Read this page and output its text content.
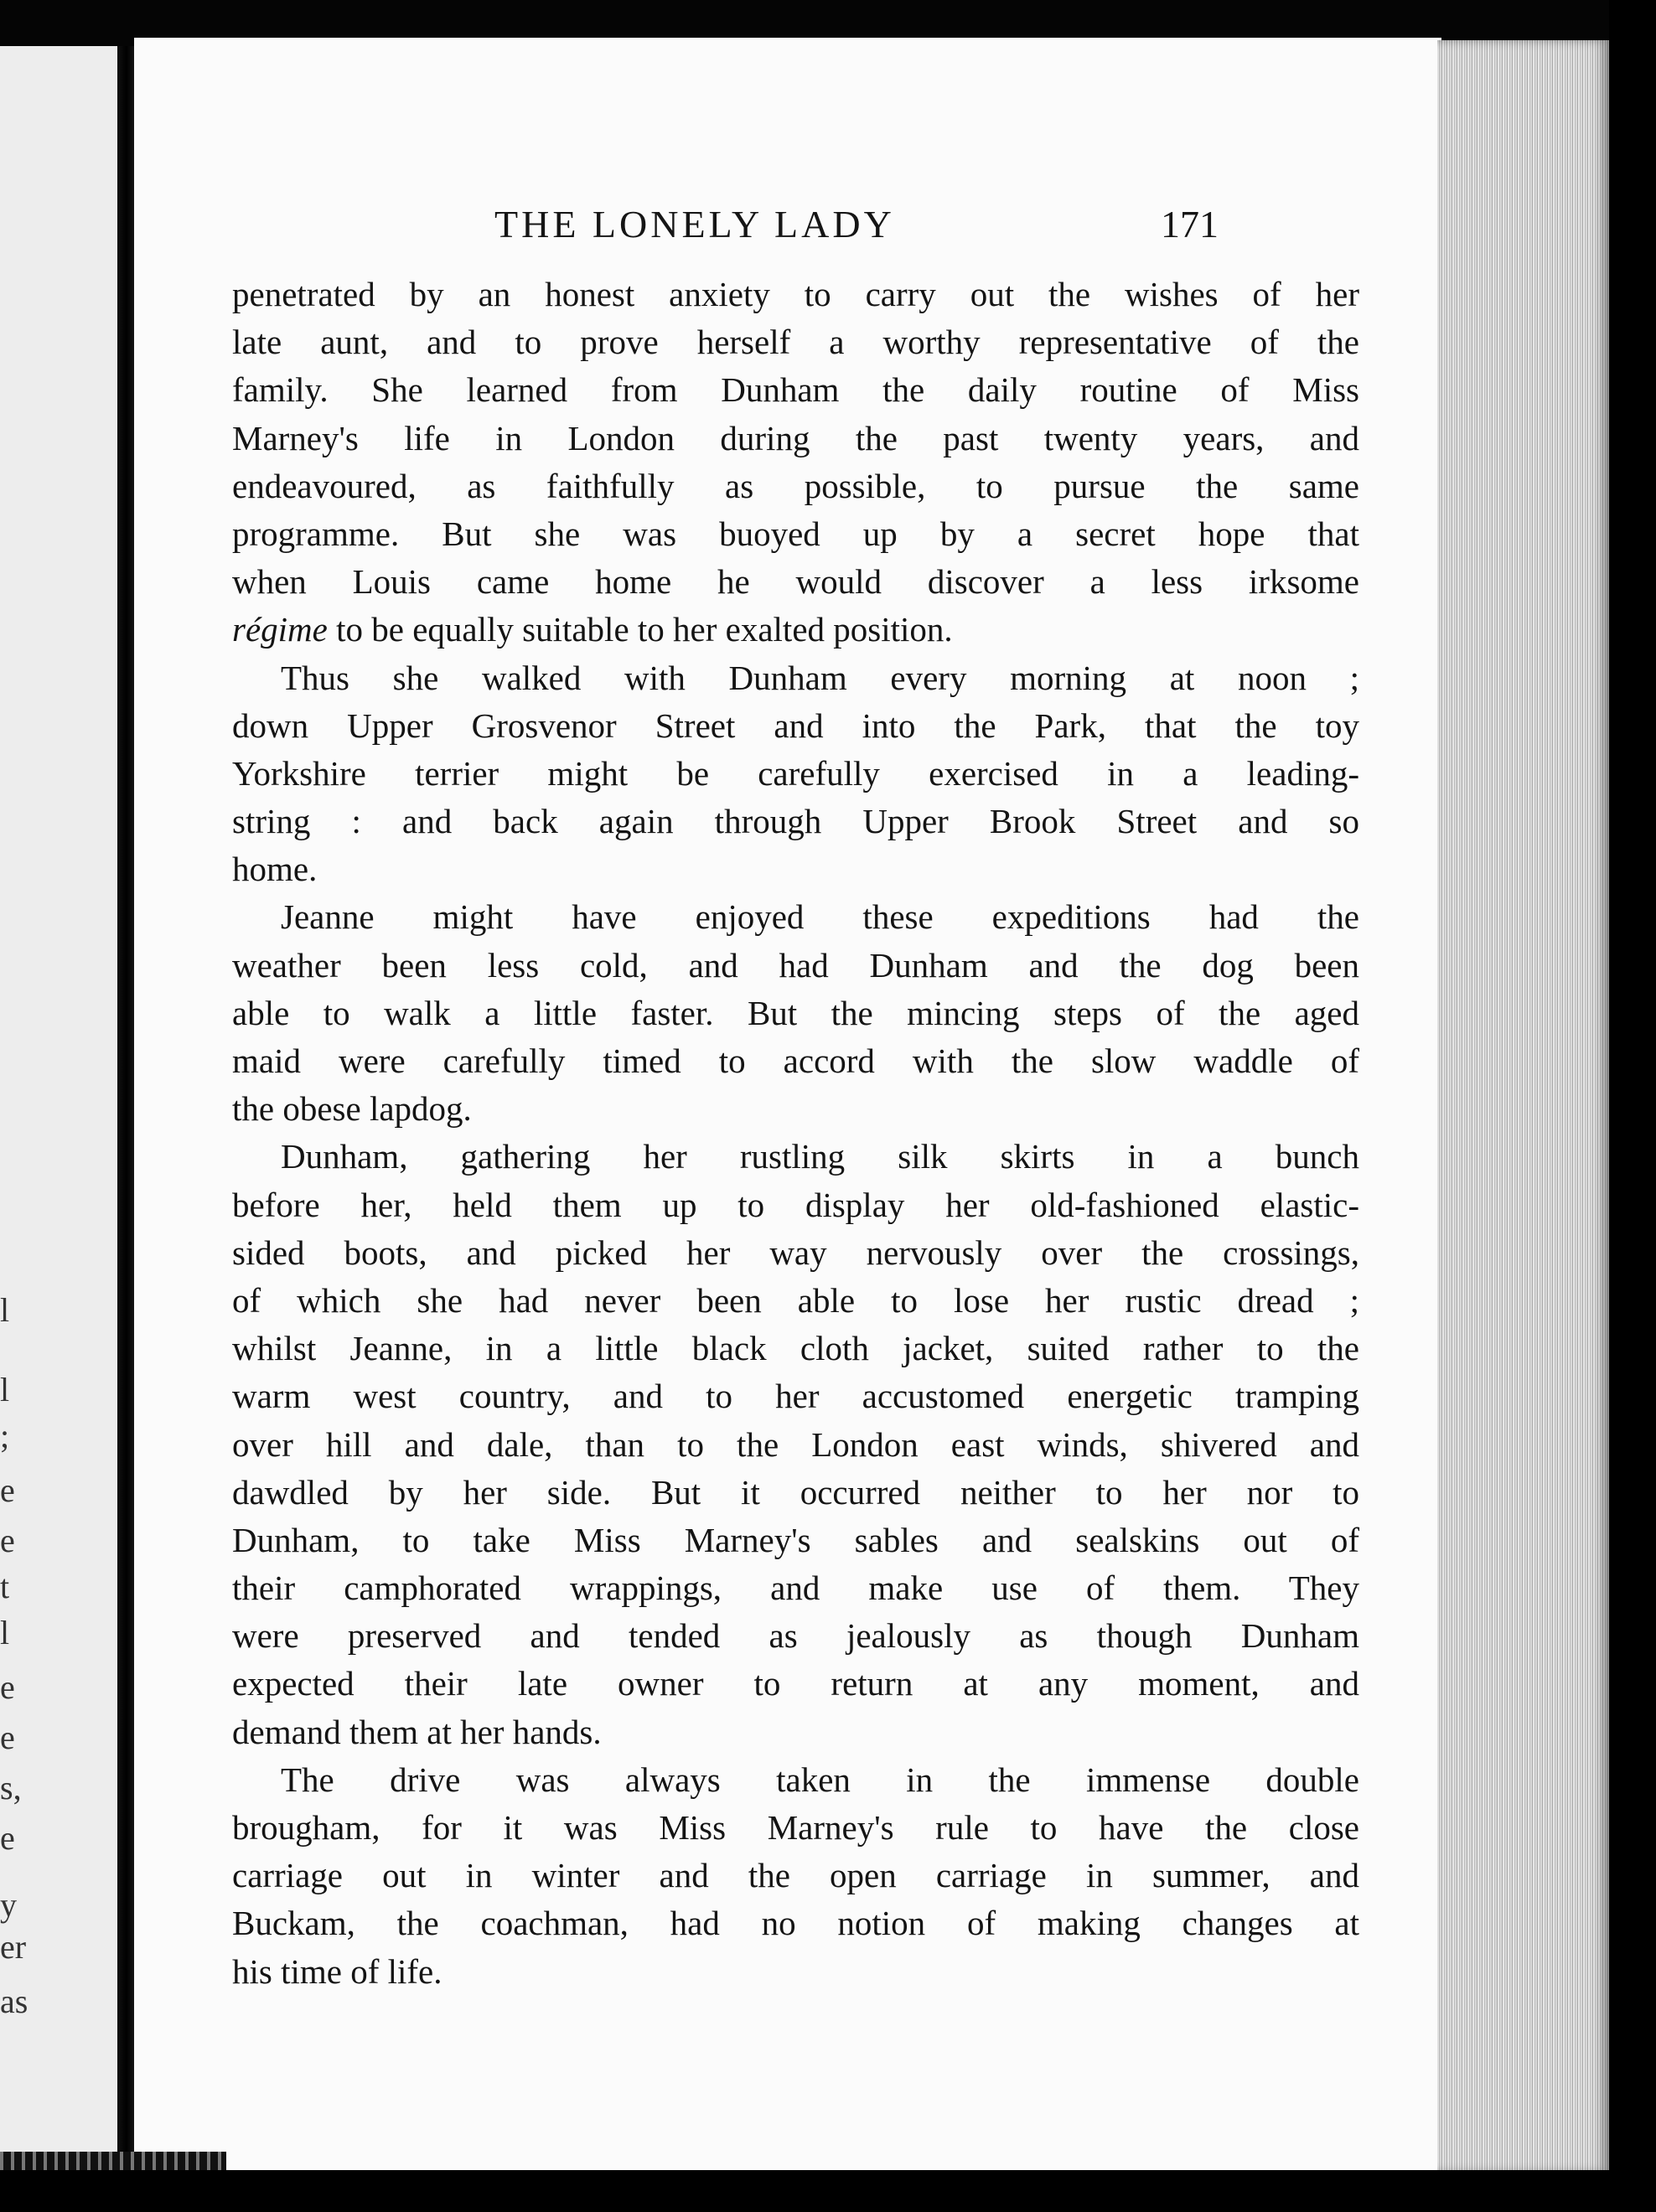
l
l
;
e
e
t
l
e
e
s,
e
y
er
as
THE LONELY LADY	171
penetrated by an honest anxiety to carry out the wishes of her
late aunt, and to prove herself a worthy representative of the
family. She learned from Dunham the daily routine of Miss
Marney's life in London during the past twenty years, and
endeavoured, as faithfully as possible, to pursue the same
programme. But she was buoyed up by a secret hope that
when Louis came home he would discover a less irksome
régime to be equally suitable to her exalted position.
Thus she walked with Dunham every morning at noon ;
down Upper Grosvenor Street and into the Park, that the toy
Yorkshire terrier might be carefully exercised in a leading-
string : and back again through Upper Brook Street and so
home.
Jeanne might have enjoyed these expeditions had the
weather been less cold, and had Dunham and the dog been
able to walk a little faster. But the mincing steps of the aged
maid were carefully timed to accord with the slow waddle of
the obese lapdog.
Dunham, gathering her rustling silk skirts in a bunch
before her, held them up to display her old-fashioned elastic-
sided boots, and picked her way nervously over the crossings,
of which she had never been able to lose her rustic dread ;
whilst Jeanne, in a little black cloth jacket, suited rather to the
warm west country, and to her accustomed energetic tramping
over hill and dale, than to the London east winds, shivered and
dawdled by her side. But it occurred neither to her nor to
Dunham, to take Miss Marney's sables and sealskins out of
their camphorated wrappings, and make use of them. They
were preserved and tended as jealously as though Dunham
expected their late owner to return at any moment, and
demand them at her hands.
The drive was always taken in the immense double
brougham, for it was Miss Marney's rule to have the close
carriage out in winter and the open carriage in summer, and
Buckam, the coachman, had no notion of making changes at
his time of life.
